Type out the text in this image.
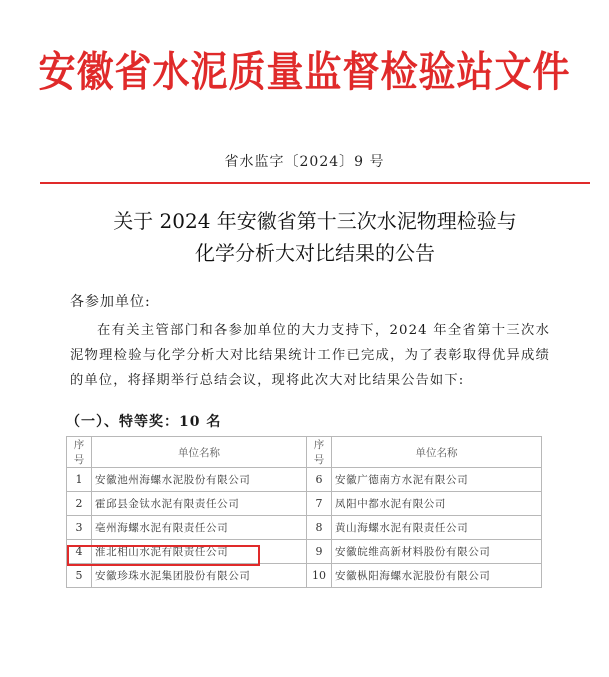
安徽省水泥质量监督检验站文件
省水监字〔2024〕9 号
关于 2024 年安徽省第十三次水泥物理检验与
化学分析大对比结果的公告
各参加单位:
在有关主管部门和各参加单位的大力支持下，2024 年全省第十三次水泥物理检验与化学分析大对比结果统计工作已完成，为了表彰取得优异成绩的单位，将择期举行总结会议，现将此次大对比结果公告如下:
（一）、特等奖：10 名
序号	单位名称	序号	单位名称
1	安徽池州海螺水泥股份有限公司	6	安徽广德南方水泥有限公司
2	霍邱县金钛水泥有限责任公司	7	凤阳中都水泥有限公司
3	亳州海螺水泥有限责任公司	8	黄山海螺水泥有限责任公司
4	淮北相山水泥有限责任公司	9	安徽皖维高新材料股份有限公司
5	安徽珍珠水泥集团股份有限公司	10	安徽枞阳海螺水泥股份有限公司
